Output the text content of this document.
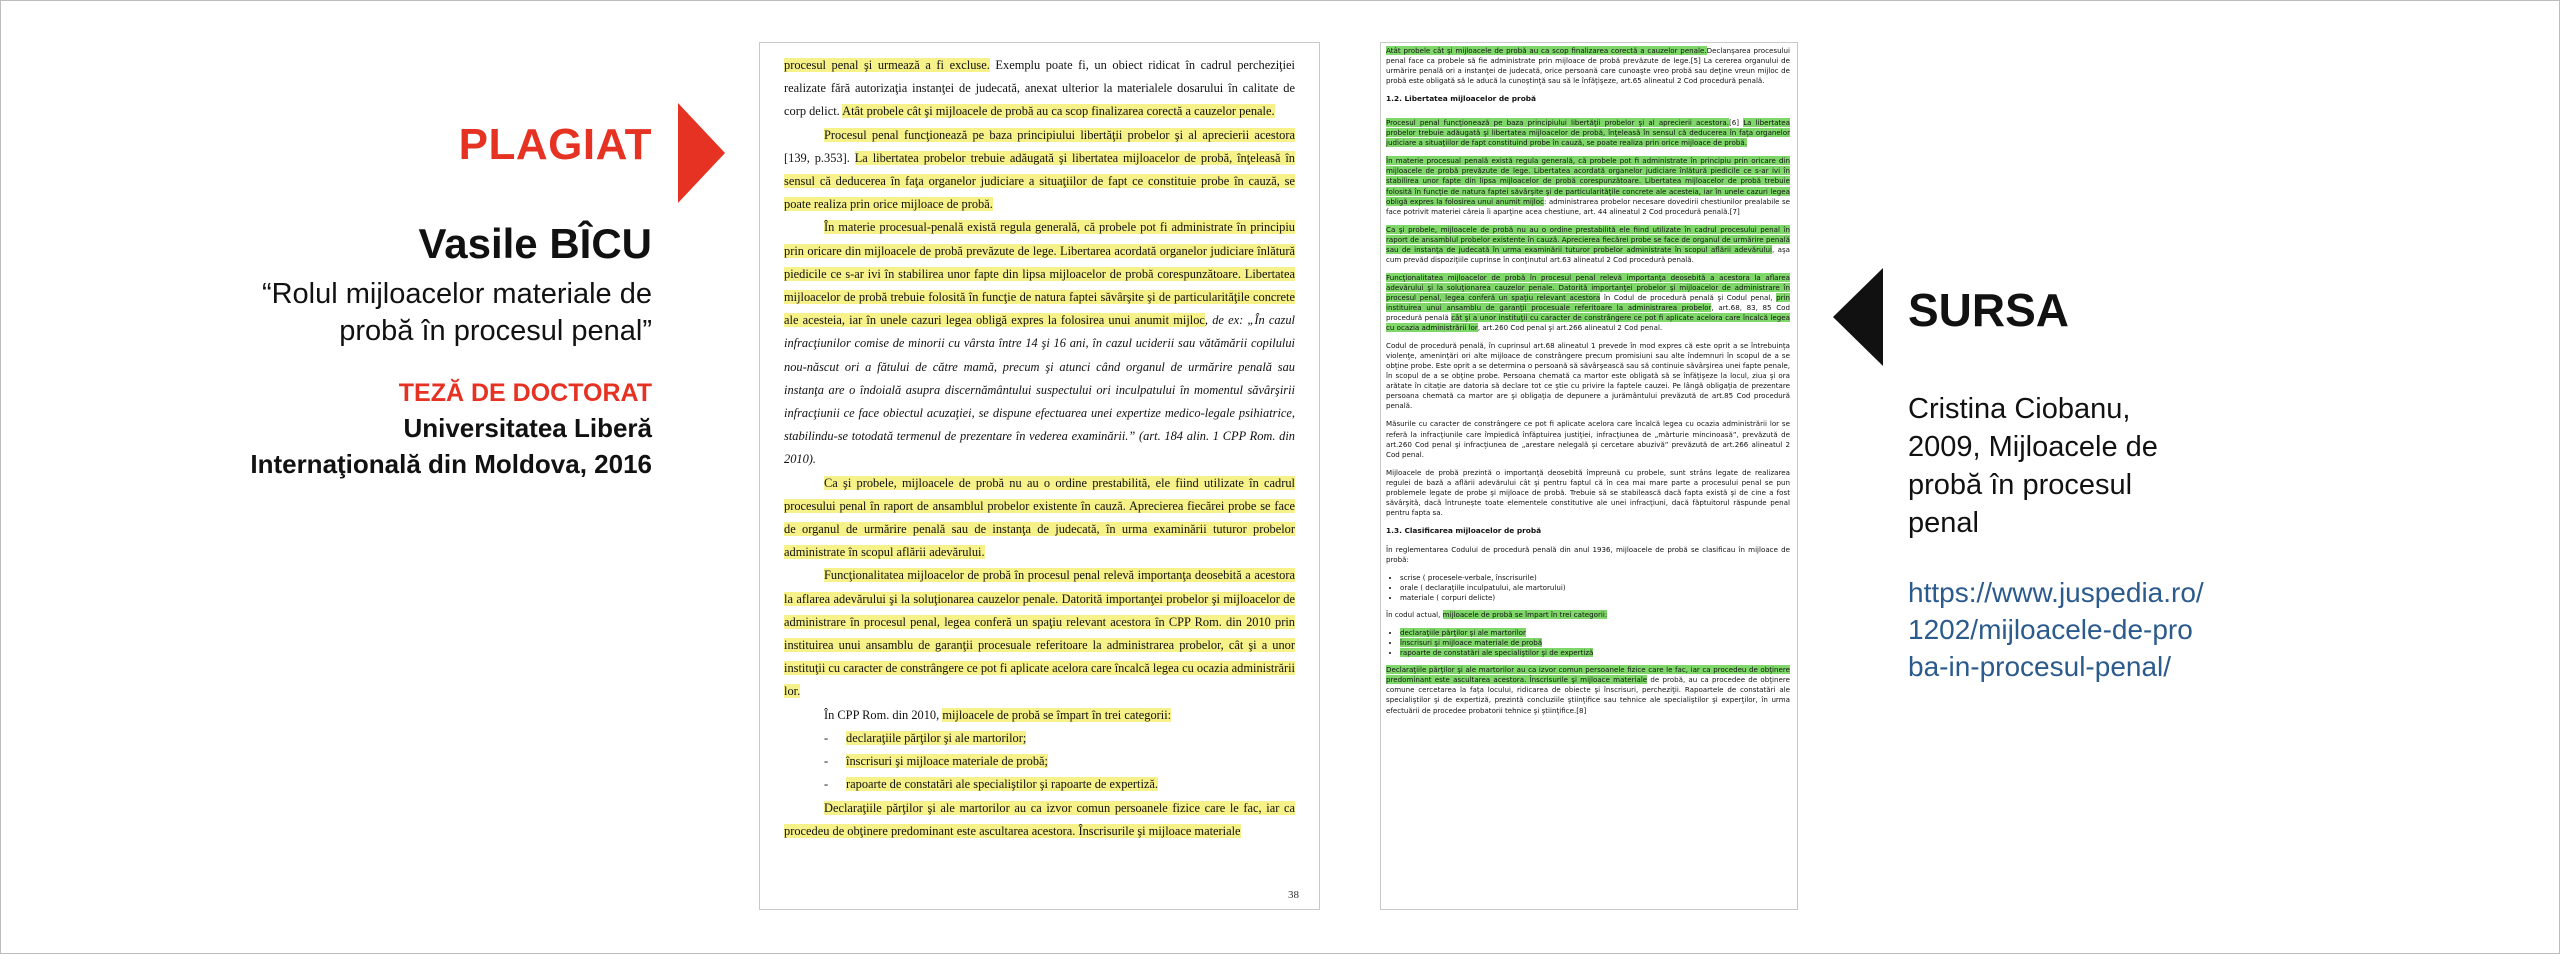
PLAGIAT
Vasile BÎCU
“Rolul mijloacelor materiale de probă în procesul penal”
TEZĂ DE DOCTORAT
Universitatea Liberă Internaţională din Moldova, 2016

procesul penal şi urmează a fi excluse. Exemplu poate fi, un obiect ridicat în cadrul percheziţiei realizate fără autorizaţia instanţei de judecată, anexat ulterior la materialele dosarului în calitate de corp delict. Atât probele cât şi mijloacele de probă au ca scop finalizarea corectă a cauzelor penale.

Procesul penal funcţionează pe baza principiului libertăţii probelor şi al aprecierii acestora [139, p.353]. La libertatea probelor trebuie adăugată şi libertatea mijloacelor de probă, înţeleasă în sensul că deducerea în faţa organelor judiciare a situaţiilor de fapt ce constituie probe în cauză, se poate realiza prin orice mijloace de probă.

În materie procesual-penală există regula generală, că probele pot fi administrate în principiu prin oricare din mijloacele de probă prevăzute de lege. Libertarea acordată organelor judiciare înlătură piedicile ce s-ar ivi în stabilirea unor fapte din lipsa mijloacelor de probă corespunzătoare. Libertatea mijloacelor de probă trebuie folosită în funcţie de natura faptei săvârşite şi de particularităţile concrete ale acesteia, iar în unele cazuri legea obligă expres la folosirea unui anumit mijloc, de ex: „În cazul infracţiunilor comise de minorii cu vârsta între 14 şi 16 ani, în cazul uciderii sau vătămării copilului nou-născut ori a fătului de către mamă, precum şi atunci când organul de urmărire penală sau instanţa are o îndoială asupra discernământului suspectului ori inculpatului în momentul săvârşirii infracţiunii ce face obiectul acuzaţiei, se dispune efectuarea unei expertize medico-legale psihiatrice, stabilindu-se totodată termenul de prezentare în vederea examinării.” (art. 184 alin. 1 CPP Rom. din 2010).

Ca şi probele, mijloacele de probă nu au o ordine prestabilită, ele fiind utilizate în cadrul procesului penal în raport de ansamblul probelor existente în cauză. Aprecierea fiecărei probe se face de organul de urmărire penală sau de instanţa de judecată, în urma examinării tuturor probelor administrate în scopul aflării adevărului.

Funcţionalitatea mijloacelor de probă în procesul penal relevă importanţa deosebită a acestora la aflarea adevărului şi la soluţionarea cauzelor penale. Datorită importanţei probelor şi mijloacelor de administrare în procesul penal, legea conferă un spaţiu relevant acestora în CPP Rom. din 2010 prin instituirea unui ansamblu de garanţii procesuale referitoare la administrarea probelor, cât şi a unor instituţii cu caracter de constrângere ce pot fi aplicate acelora care încalcă legea cu ocazia administrării lor.

În CPP Rom. din 2010, mijloacele de probă se împart în trei categorii:

- declaraţiile părţilor şi ale martorilor;
- înscrisuri şi mijloace materiale de probă;
- rapoarte de constatări ale specialiştilor şi rapoarte de expertiză.

Declaraţiile părţilor şi ale martorilor au ca izvor comun persoanele fizice care le fac, iar ca procedeu de obţinere predominant este ascultarea acestora. Înscrisurile şi mijloace materiale

38

Atât probele cât şi mijloacele de probă au ca scop finalizarea corectă a cauzelor penale.Declanşarea procesului penal face ca probele să fie administrate prin mijloace de probă prevăzute de lege.[5] La cererea organului de urmărire penală ori a instanţei de judecată, orice persoană care cunoaşte vreo probă sau deţine vreun mijloc de probă este obligată să le aducă la cunoştinţă sau să le înfăţişeze, art.65 alineatul 2 Cod procedură penală.

1.2. Libertatea mijloacelor de probă

Procesul penal funcţionează pe baza principiului libertăţii probelor şi al aprecierii acestora.[6] La libertatea probelor trebuie adăugată şi libertatea mijloacelor de probă, înţeleasă în sensul că deducerea în faţa organelor judiciare a situaţiilor de fapt constituind probe în cauză, se poate realiza prin orice mijloace de probă.

În materie procesual penală există regula generală, că probele pot fi administrate în principiu prin oricare din mijloacele de probă prevăzute de lege. Libertatea acordată organelor judiciare înlătură piedicile ce s-ar ivi în stabilirea unor fapte din lipsa mijloacelor de probă corespunzătoare. Libertatea mijloacelor de probă trebuie folosită în funcţie de natura faptei săvârşite şi de particularităţile concrete ale acesteia, iar în unele cazuri legea obligă expres la folosirea unui anumit mijloc: administrarea probelor necesare dovedirii chestiunilor prealabile se face potrivit materiei căreia îi aparţine acea chestiune, art. 44 alineatul 2 Cod procedură penală.[7]

Ca şi probele, mijloacele de probă nu au o ordine prestabilită ele fiind utilizate în cadrul procesului penal în raport de ansamblul probelor existente în cauză. Aprecierea fiecărei probe se face de organul de urmărire penală sau de instanţa de judecată în urma examinării tuturor probelor administrate în scopul aflării adevărului, aşa cum prevăd dispoziţiile cuprinse în conţinutul art.63 alineatul 2 Cod procedură penală.

Funcţionalitatea mijloacelor de probă în procesul penal relevă importanţa deosebită a acestora la aflarea adevărului şi la soluţionarea cauzelor penale. Datorită importanţei probelor şi mijloacelor de administrare în procesul penal, legea conferă un spaţiu relevant acestora în Codul de procedură penală şi Codul penal, prin instituirea unui ansamblu de garanţii procesuale referitoare la administrarea probelor, art.68, 83, 85 Cod procedură penală cât şi a unor instituţii cu caracter de constrângere ce pot fi aplicate acelora care încalcă legea cu ocazia administrării lor, art.260 Cod penal şi art.266 alineatul 2 Cod penal.

Codul de procedură penală, în cuprinsul art.68 alineatul 1 prevede în mod expres că este oprit a se întrebuinţa violenţe, ameninţări ori alte mijloace de constrângere precum promisiuni sau alte îndemnuri în scopul de a se obţine probe. Este oprit a se determina o persoană să săvârşească sau să continuie săvârşirea unei fapte penale, în scopul de a se obţine probe. Persoana chemată ca martor este obligată să se înfăţişeze la locul, ziua şi ora arătate în citaţie are datoria să declare tot ce ştie cu privire la faptele cauzei. Pe lângă obligaţia de prezentare persoana chemată ca martor are şi obligaţia de depunere a jurământului prevăzută de art.85 Cod procedură penală.

Măsurile cu caracter de constrângere ce pot fi aplicate acelora care încalcă legea cu ocazia administrării lor se referă la infracţiunile care împiedică înfăptuirea justiţiei, infracţiunea de „mărturie mincinoasă”, prevăzută de art.260 Cod penal şi infracţiunea de „arestare nelegală şi cercetare abuzivă” prevăzută de art.266 alineatul 2 Cod penal.

Mijloacele de probă prezintă o importanţă deosebită împreună cu probele, sunt strâns legate de realizarea regulei de bază a aflării adevărului cât şi pentru faptul că în cea mai mare parte a procesului penal se pun problemele legate de probe şi mijloace de probă. Trebuie să se stabilească dacă fapta există şi de cine a fost săvârşită, dacă întrunește toate elementele constitutive ale unei infracţiuni, dacă făptuitorul răspunde penal pentru fapta sa.

1.3. Clasificarea mijloacelor de probă

În reglementarea Codului de procedură penală din anul 1936, mijloacele de probă se clasificau în mijloace de probă:

• scrise ( procesele-verbale, înscrisurile)
• orale ( declaraţiile inculpatului, ale martorului)
• materiale ( corpuri delicte)

În codul actual, mijloacele de probă se împart în trei categorii:

• declaraţiile părţilor şi ale martorilor
• înscrisuri şi mijloace materiale de probă
• rapoarte de constatări ale specialiştilor şi de expertiză

Declaraţiile părţilor şi ale martorilor au ca izvor comun persoanele fizice care le fac, iar ca procedeu de obţinere predominant este ascultarea acestora. Înscrisurile şi mijloace materiale de probă, au ca procedee de obţinere comune cercetarea la faţa locului, ridicarea de obiecte şi înscrisuri, percheziţii. Rapoartele de constatări ale specialiştilor şi de expertiză, prezintă concluziile ştiinţifice sau tehnice ale specialiştilor şi experţilor, în urma efectuării de procedee probatorii tehnice şi ştiinţifice.[8]

SURSA
Cristina Ciobanu, 2009, Mijloacele de probă în procesul penal
https://www.juspedia.ro/1202/mijloacele-de-proba-in-procesul-penal/
